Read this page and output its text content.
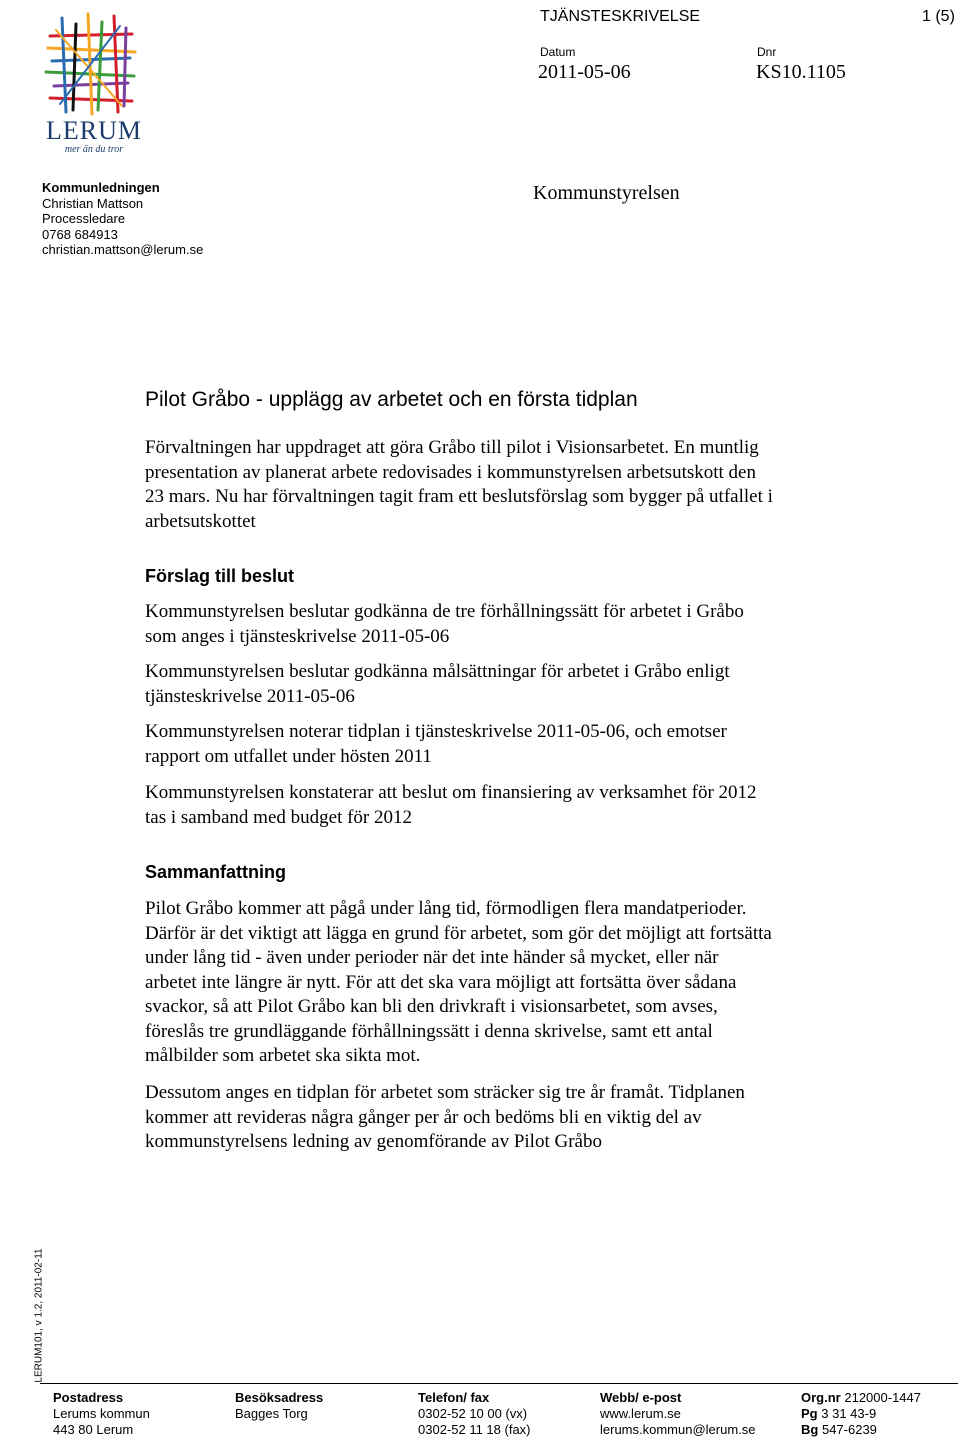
LERUM
mer än du tror
TJÄNSTESKRIVELSE	1 (5)
Datum
2011-05-06
Dnr
KS10.1105
Kommunledningen
Christian Mattson
Processledare
0768 684913
christian.mattson@lerum.se
Kommunstyrelsen
Pilot Gråbo - upplägg av arbetet och en första tidplan

Förvaltningen har uppdraget att göra Gråbo till pilot i Visionsarbetet. En muntlig
presentation av planerat arbete redovisades i kommunstyrelsen arbetsutskott den
23 mars. Nu har förvaltningen tagit fram ett beslutsförslag som bygger på utfallet i
arbetsutskottet

Förslag till beslut

Kommunstyrelsen beslutar godkänna de tre förhållningssätt för arbetet i Gråbo
som anges i tjänsteskrivelse 2011-05-06

Kommunstyrelsen beslutar godkänna målsättningar för arbetet i Gråbo enligt
tjänsteskrivelse 2011-05-06

Kommunstyrelsen noterar tidplan i tjänsteskrivelse 2011-05-06, och emotser
rapport om utfallet under hösten 2011

Kommunstyrelsen konstaterar att beslut om finansiering av verksamhet för 2012
tas i samband med budget för 2012

Sammanfattning

Pilot Gråbo kommer att pågå under lång tid, förmodligen flera mandatperioder.
Därför är det viktigt att lägga en grund för arbetet, som gör det möjligt att fortsätta
under lång tid - även under perioder när det inte händer så mycket, eller när
arbetet inte längre är nytt. För att det ska vara möjligt att fortsätta över sådana
svackor, så att Pilot Gråbo kan bli den drivkraft i visionsarbetet, som avses,
föreslås tre grundläggande förhållningssätt i denna skrivelse, samt ett antal
målbilder som arbetet ska sikta mot.

Dessutom anges en tidplan för arbetet som sträcker sig tre år framåt. Tidplanen
kommer att revideras några gånger per år och bedöms bli en viktig del av
kommunstyrelsens ledning av genomförande av Pilot Gråbo

LERUM101, v 1.2, 2011-02-11
Postadress
Lerums kommun
443 80 Lerum
Besöksadress
Bagges Torg
Telefon/ fax
0302-52 10 00 (vx)
0302-52 11 18 (fax)
Webb/ e-post
www.lerum.se
lerums.kommun@lerum.se
Org.nr 212000-1447
Pg 3 31 43-9
Bg 547-6239
